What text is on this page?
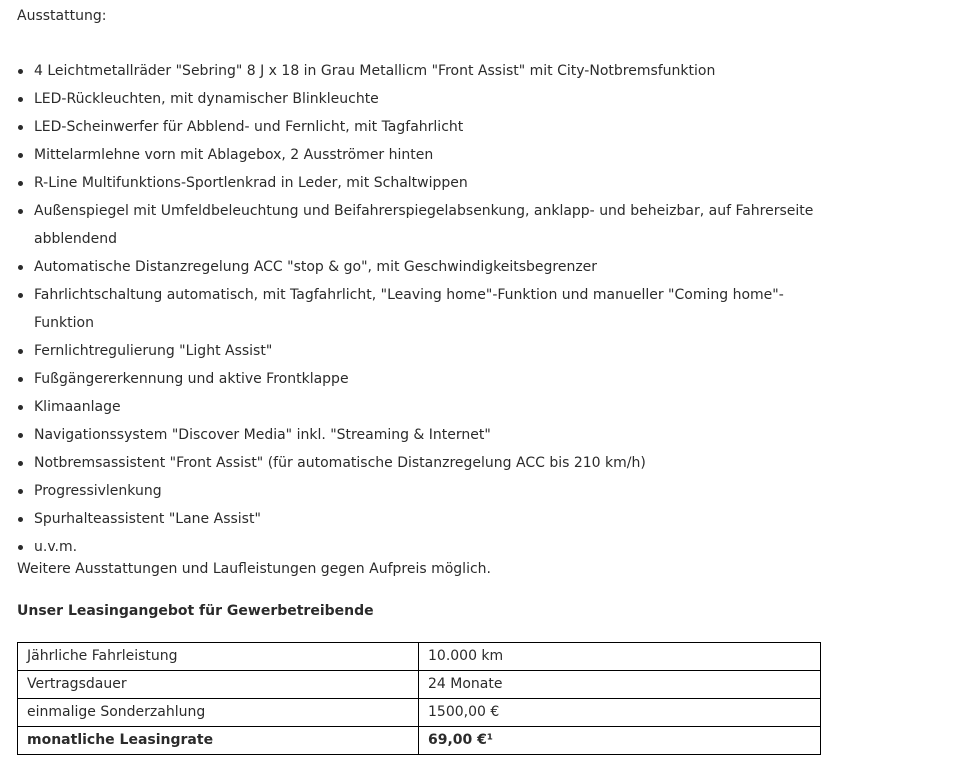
Ausstattung:

4 Leichtmetallräder "Sebring" 8 J x 18 in Grau Metallicm "Front Assist" mit City-Notbremsfunktion
LED-Rückleuchten, mit dynamischer Blinkleuchte
LED-Scheinwerfer für Abblend- und Fernlicht, mit Tagfahrlicht
Mittelarmlehne vorn mit Ablagebox, 2 Ausströmer hinten
R-Line Multifunktions-Sportlenkrad in Leder, mit Schaltwippen
Außenspiegel mit Umfeldbeleuchtung und Beifahrerspiegelabsenkung, anklapp- und beheizbar, auf Fahrerseite abblendend
Automatische Distanzregelung ACC "stop & go", mit Geschwindigkeitsbegrenzer
Fahrlichtschaltung automatisch, mit Tagfahrlicht, "Leaving home"-Funktion und manueller "Coming home"-Funktion
Fernlichtregulierung "Light Assist"
Fußgängererkennung und aktive Frontklappe
Klimaanlage
Navigationssystem "Discover Media" inkl. "Streaming & Internet"
Notbremsassistent "Front Assist" (für automatische Distanzregelung ACC bis 210 km/h)
Progressivlenkung
Spurhalteassistent "Lane Assist"
u.v.m.

Weitere Ausstattungen und Laufleistungen gegen Aufpreis möglich.

Unser Leasingangebot für Gewerbetreibende

Jährliche Fahrleistung	10.000 km
Vertragsdauer	24 Monate
einmalige Sonderzahlung	1500,00 €
monatliche Leasingrate	69,00 €¹
